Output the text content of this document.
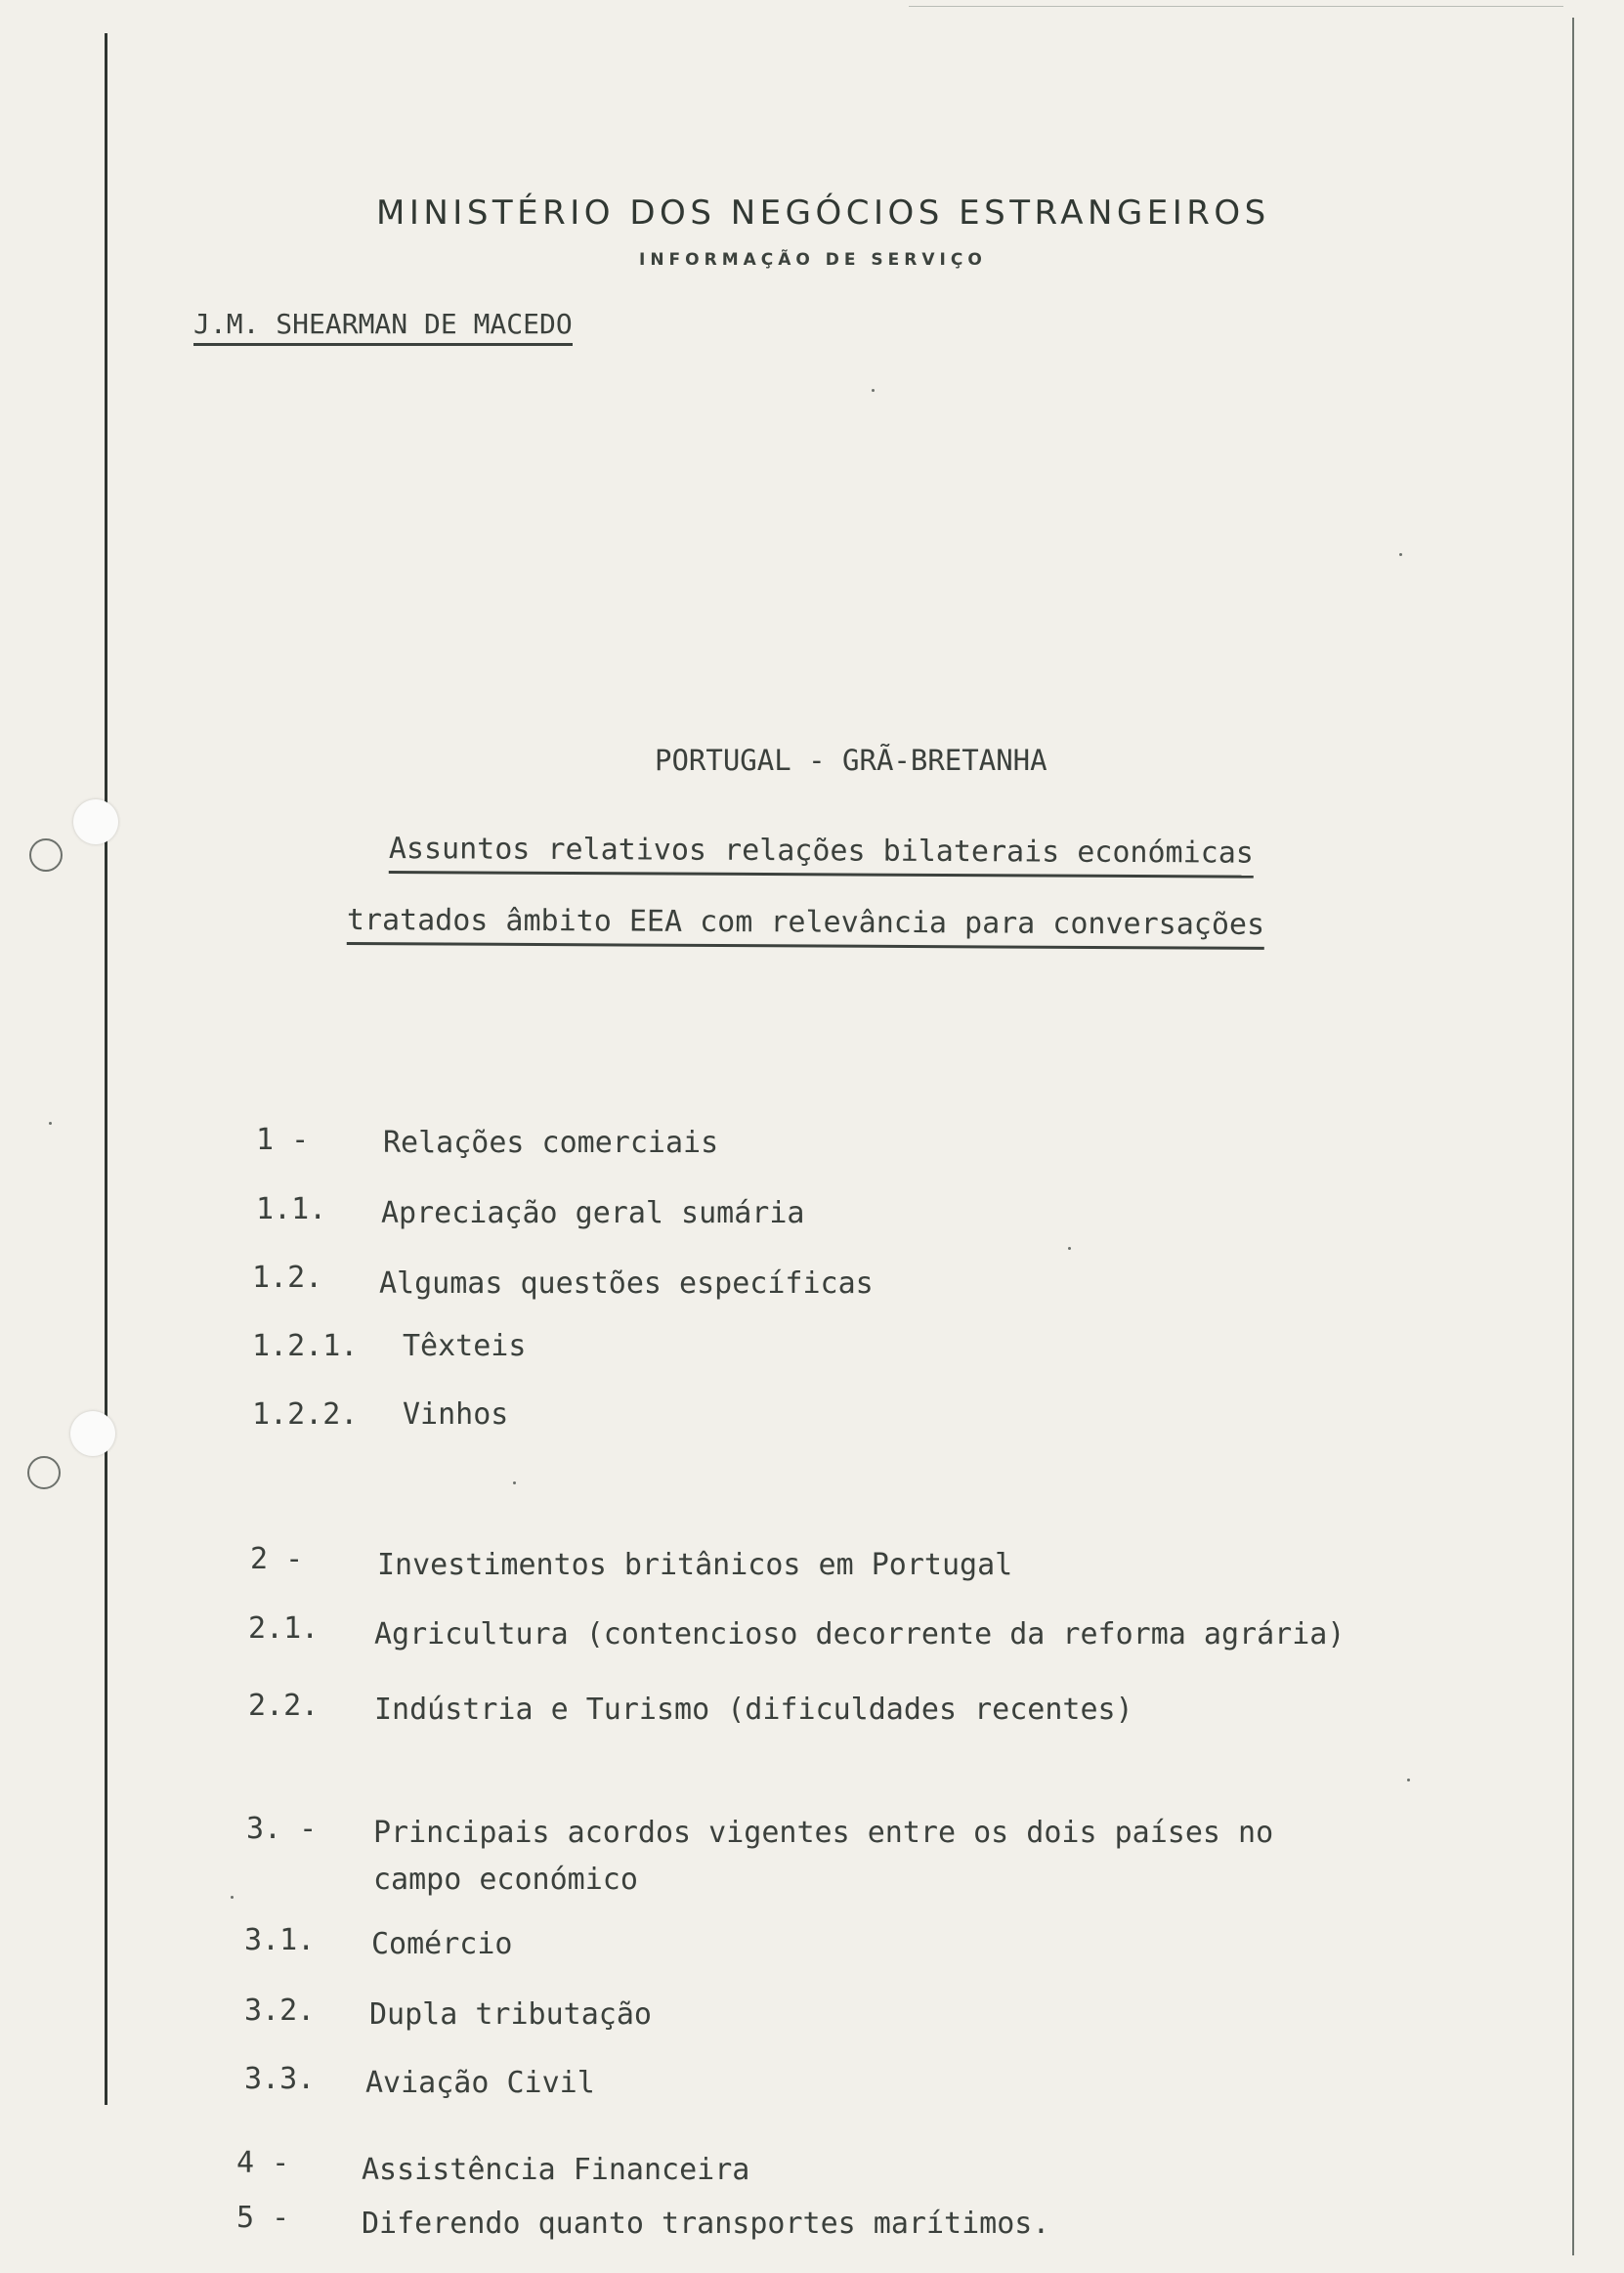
MINISTÉRIO DOS NEGÓCIOS ESTRANGEIROS
INFORMAÇÃO DE SERVIÇO
J.M. SHEARMAN DE MACEDO
PORTUGAL - GRÃ-BRETANHA
Assuntos relativos relações bilaterais económicas
tratados âmbito EEA com relevância para conversações
1 -	Relações comerciais
1.1. Apreciação geral sumária
1.2. Algumas questões específicas
1.2.1. Têxteis
1.2.2. Vinhos
2 -	Investimentos britânicos em Portugal
2.1. Agricultura (contencioso decorrente da reforma agrária)
2.2. Indústria e Turismo (dificuldades recentes)
3. - Principais acordos vigentes entre os dois países no
campo económico
3.1. Comércio
3.2. Dupla tributação
3.3. Aviação Civil
4 - Assistência Financeira
5 - Diferendo quanto transportes marítimos.
